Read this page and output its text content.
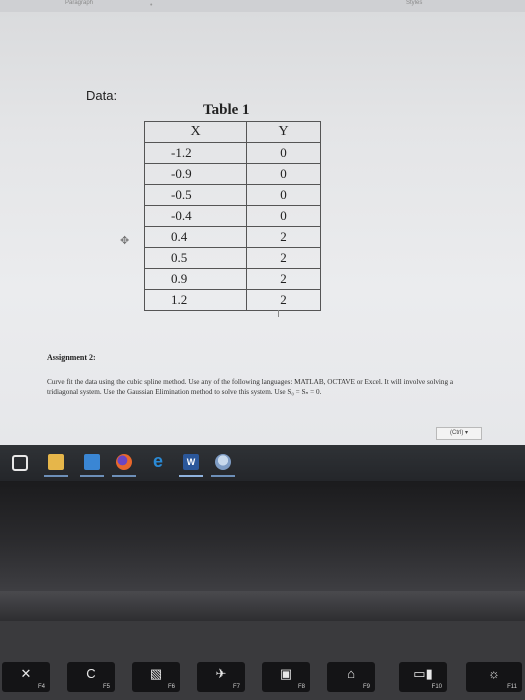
Paragraph	•	Styles
Data:
Table 1
X	Y
-1.2	0
-0.9	0
-0.5	0
-0.4	0
0.4	2
0.5	2
0.9	2
1.2	2
✥
Assignment 2:
Curve fit the data using the cubic spline method. Use any of the following languages: MATLAB, OCTAVE or Excel. It will involve solving a tridiagonal system. Use the Gaussian Elimination method to solve this system. Use S₀ = Sₙ = 0.
(Ctrl) ▾
e	W
✕
F4
C
F5
▧
F6
✈
F7
▣
F8
⌂
F9
▭▮
F10
☼
F11
